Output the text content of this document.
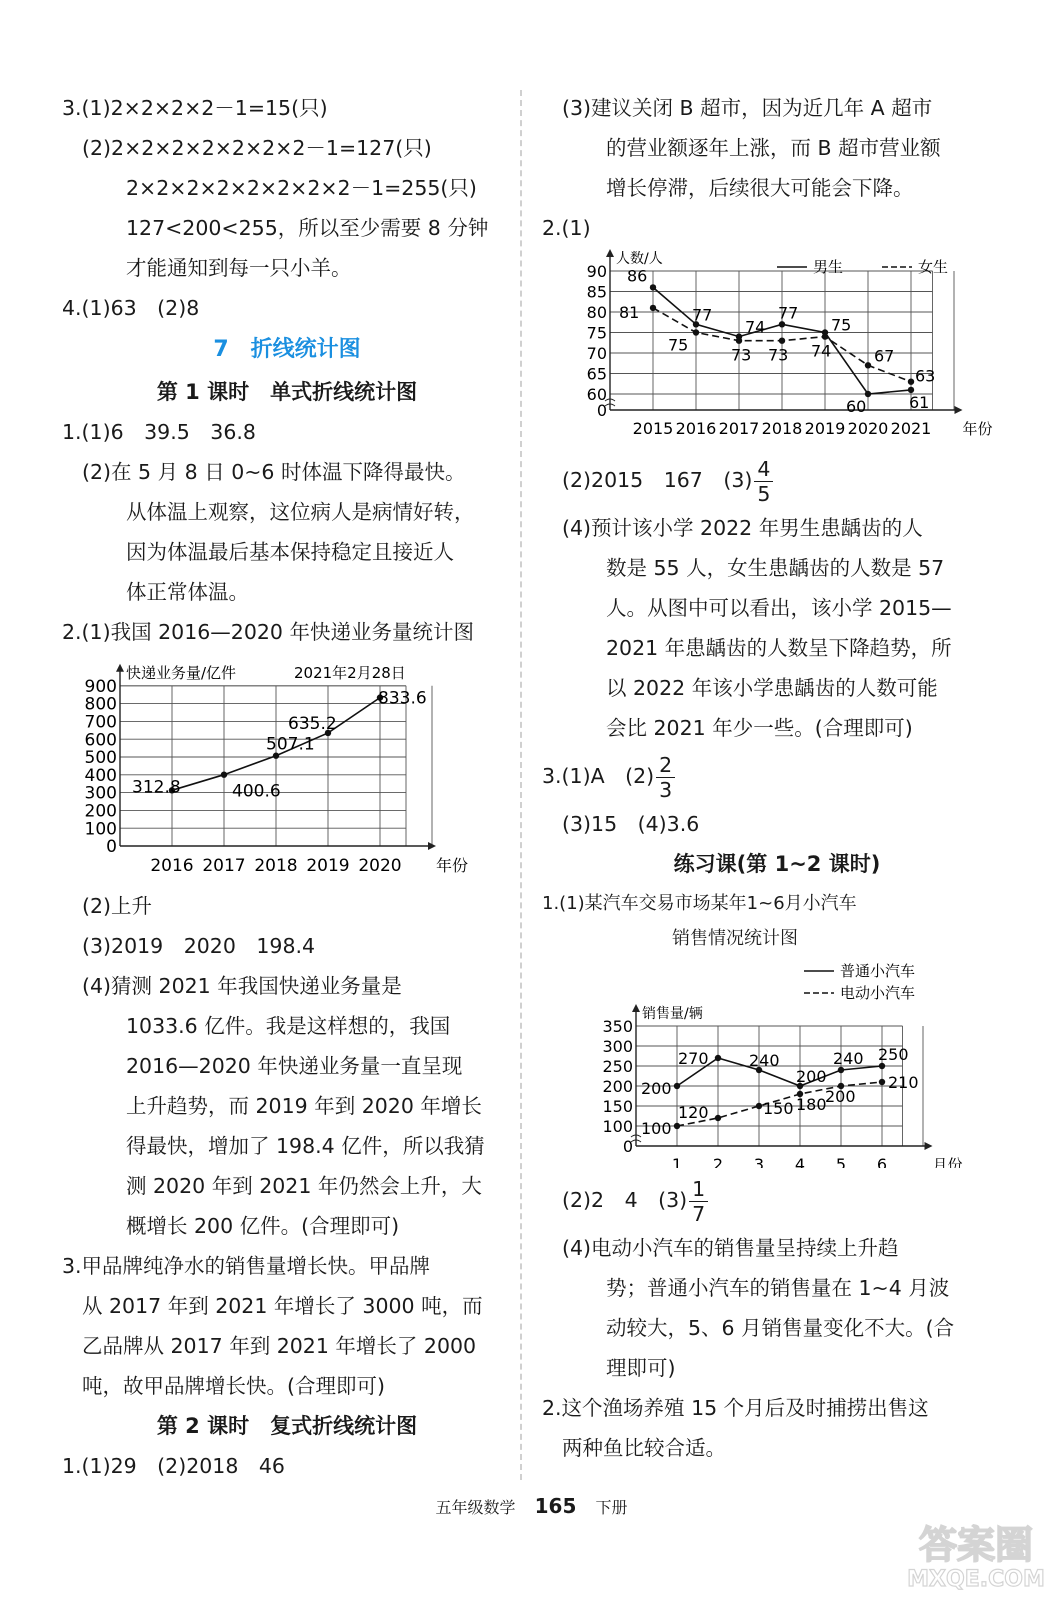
3.(1)2×2×2×2－1=15(只)
(2)2×2×2×2×2×2×2－1=127(只)
2×2×2×2×2×2×2×2－1=255(只)
127<200<255，所以至少需要 8 分钟
才能通知到每一只小羊。
4.(1)63　(2)8
7　折线统计图
第 1 课时　单式折线统计图
1.(1)6　39.5　36.8
(2)在 5 月 8 日 0~6 时体温下降得最快。
从体温上观察，这位病人是病情好转，
因为体温最后基本保持稳定且接近人
体正常体温。
2.(1)我国 2016—2020 年快递业务量统计图
0
100
200
300
400
500
600
700
800
900
2016 2017 2018 2019 2020 年份
快递业务量/亿件
312.8	400.6
507.1
635.2
833.6
2021年2月28日
(2)上升
(3)2019　2020　198.4
(4)猜测 2021 年我国快递业务量是
1033.6 亿件。我是这样想的，我国
2016—2020 年快递业务量一直呈现
上升趋势，而 2019 年到 2020 年增长
得最快，增加了 198.4 亿件，所以我猜
测 2020 年到 2021 年仍然会上升，大
概增长 200 亿件。(合理即可)
3.甲品牌纯净水的销售量增长快。甲品牌
从 2017 年到 2021 年增长了 3000 吨，而
乙品牌从 2017 年到 2021 年增长了 2000
吨，故甲品牌增长快。(合理即可)
第 2 课时　复式折线统计图
1.(1)29　(2)2018　46
(3)建议关闭 B 超市，因为近几年 A 超市
的营业额逐年上涨，而 B 超市营业额
增长停滞，后续很大可能会下降。
2.(1)
0
60
65
70
75
80
85
90
2015 2016 2017 2018 2019 2020 2021 年份
人数/人
86
77
74
77
75
60	61
81
75
73 73 74	67
63
男生	女生
(2)2015　167　$(3) \frac{4}{5}$
(4)预计该小学 2022 年男生患龋齿的人
数是 55 人，女生患龋齿的人数是 57
人。从图中可以看出，该小学 2015—
2021 年患龋齿的人数呈下降趋势，所
以 2022 年该小学患龋齿的人数可能
会比 2021 年少一些。(合理即可)
3.(1)A　$(2) \frac{2}{3}$
(3)15　(4)3.6
练习课(第 1~2 课时)
1.(1)某汽车交易市场某年1~6月小汽车
销售情况统计图
0
100
150
200
250
300
350
1 2 3 4 5 6	月份
销售量/辆
200
270	240
200
240 250
100
120	150 180
200
210
普通小汽车
电动小汽车
(2)2　4　$(3) \frac{1}{7}$
(4)电动小汽车的销售量呈持续上升趋
势；普通小汽车的销售量在 1~4 月波
动较大，5、6 月销售量变化不大。(合
理即可)
2.这个渔场养殖 15 个月后及时捕捞出售这
两种鱼比较合适。
五年级数学 165 下册
答案圈
MXQE.COM
